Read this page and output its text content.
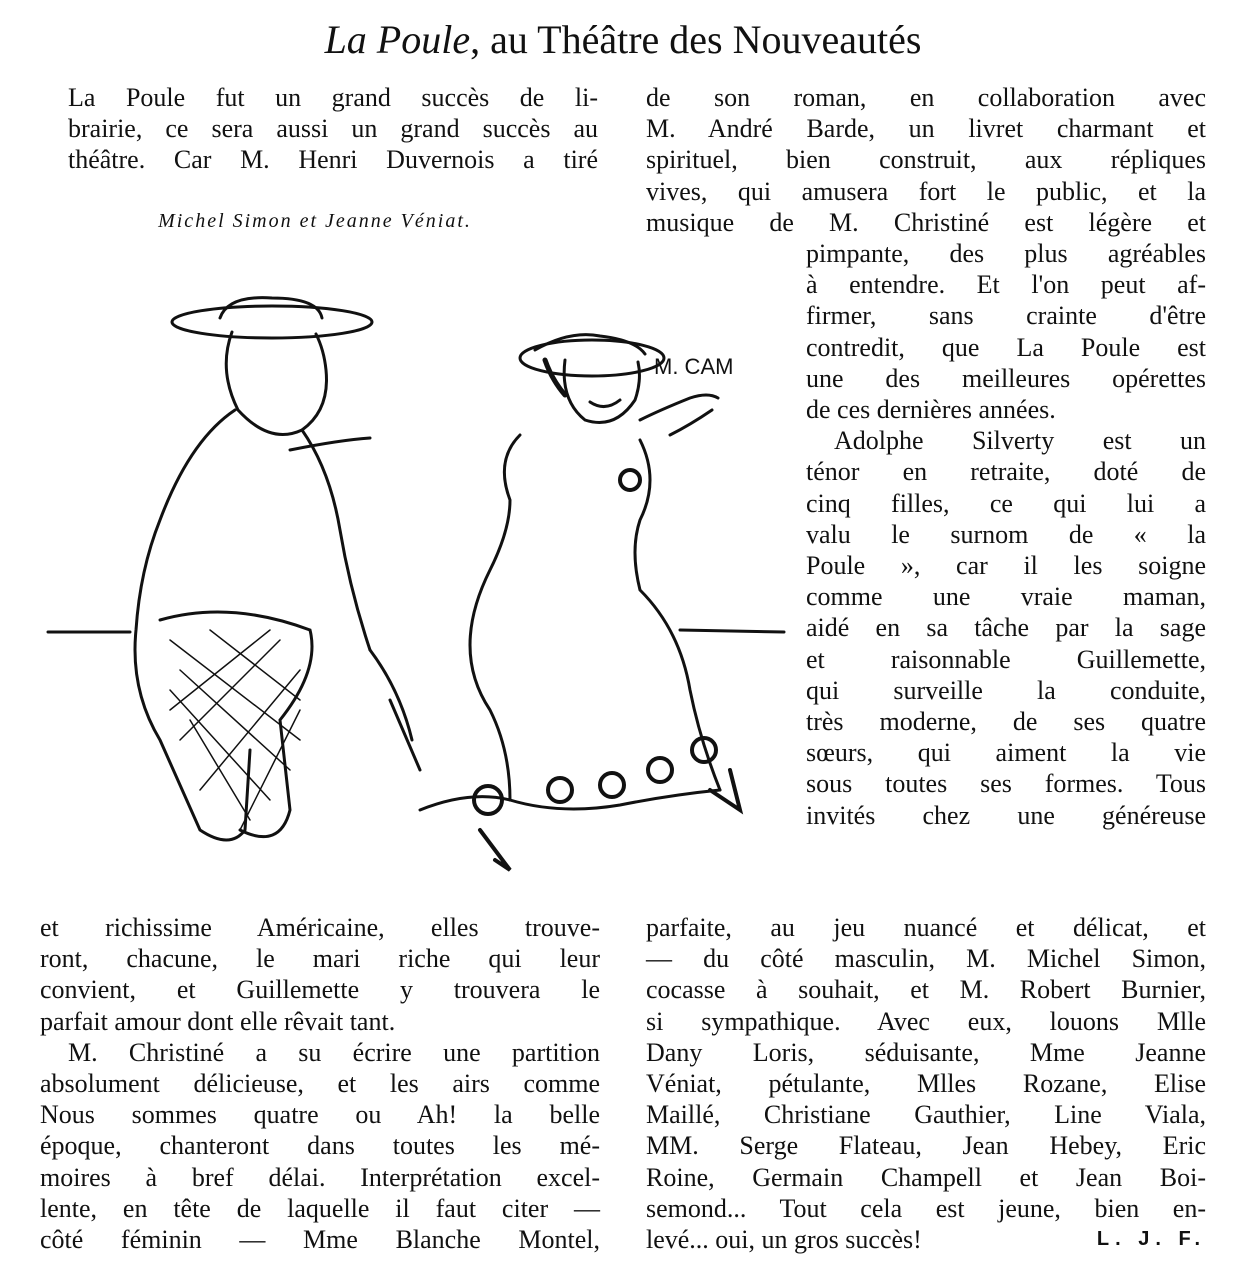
La Poule, au Théâtre des Nouveautés
La Poule fut un grand succès de li-
brairie, ce sera aussi un grand succès au
théâtre. Car M. Henri Duvernois a tiré
Michel Simon et Jeanne Véniat.
de son roman, en collaboration avec
M. André Barde, un livret charmant et
spirituel, bien construit, aux répliques
vives, qui amusera fort le public, et la
musique de M. Christiné est légère et
pimpante, des plus agréables
à entendre. Et l'on peut af-
firmer, sans crainte d'être
contredit, que La Poule est
une des meilleures opérettes
de ces dernières années.
Adolphe Silverty est un
ténor en retraite, doté de
cinq filles, ce qui lui a
valu le surnom de « la
Poule », car il les soigne
comme une vraie maman,
aidé en sa tâche par la sage
et raisonnable Guillemette,
qui surveille la conduite,
très moderne, de ses quatre
sœurs, qui aiment la vie
sous toutes ses formes. Tous
invités chez une généreuse
M. CAM
et richissime Américaine, elles trouve-
ront, chacune, le mari riche qui leur
convient, et Guillemette y trouvera le
parfait amour dont elle rêvait tant.
M. Christiné a su écrire une partition
absolument délicieuse, et les airs comme
Nous sommes quatre ou Ah! la belle
époque, chanteront dans toutes les mé-
moires à bref délai. Interprétation excel-
lente, en tête de laquelle il faut citer —
côté féminin — Mme Blanche Montel,
parfaite, au jeu nuancé et délicat, et
— du côté masculin, M. Michel Simon,
cocasse à souhait, et M. Robert Burnier,
si sympathique. Avec eux, louons Mlle
Dany Loris, séduisante, Mme Jeanne
Véniat, pétulante, Mlles Rozane, Elise
Maillé, Christiane Gauthier, Line Viala,
MM. Serge Flateau, Jean Hebey, Eric
Roine, Germain Champell et Jean Boi-
semond... Tout cela est jeune, bien en-
levé... oui, un gros succès!	L. J. F.
